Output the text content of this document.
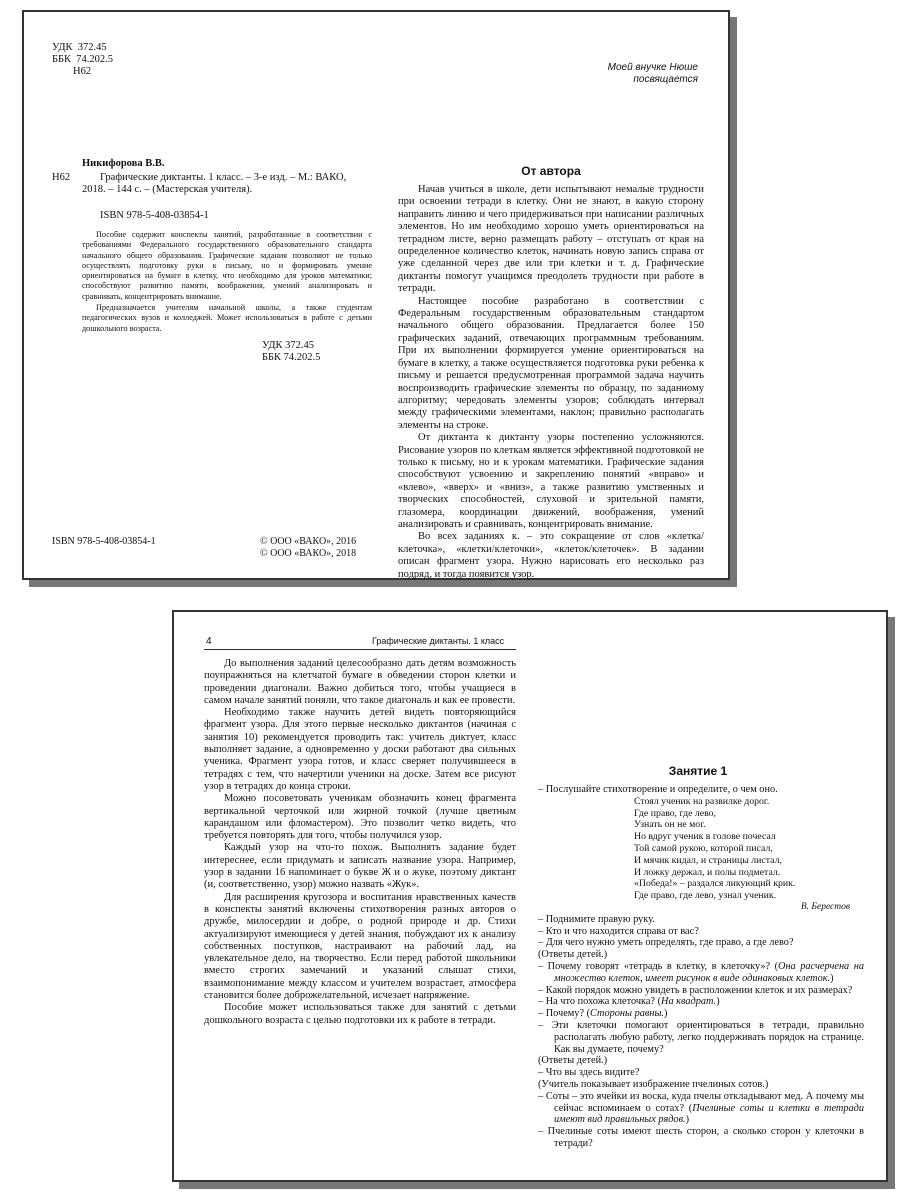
УДК  372.45
ББК  74.202.5
Н62	Моей внучке Нюше
посвящается
Никифорова В.В.
Н62	Графические диктанты. 1 класс. – 3-е изд. – М.: ВАКО, 2018. – 144 с. – (Мастерская учителя).
ISBN 978-5-408-03854-1

Пособие содержит конспекты занятий, разработанные в соответствии с требованиями Федерального государственного образовательного стандарта начального общего образования. Графические задания позволяют не только осуществлять подготовку руки к письму, но и формировать умение ориентироваться на бумаге в клетку, что необходимо для уроков математики; способствуют развитию памяти, воображения, умений анализировать и сравнивать, концентрировать внимание.

Предназначается учителям начальной школы, а также студентам педагогических вузов и колледжей. Может использоваться в работе с детьми дошкольного возраста.

УДК 372.45
ББК 74.202.5
ISBN 978-5-408-03854-1	© ООО «ВАКО», 2016
© ООО «ВАКО», 2018
От автора

Начав учиться в школе, дети испытывают немалые трудности при освоении тетради в клетку. Они не знают, в какую сторону направить линию и чего придерживаться при написании различных элементов. Но им необходимо хорошо уметь ориентироваться на тетрадном листе, верно размещать работу – отступать от края на определенное количество клеток, начинать новую запись справа от уже сделанной через две или три клетки и т. д. Графические диктанты помогут учащимся преодолеть трудности при работе в тетради.

Настоящее пособие разработано в соответствии с Федеральным государственным образовательным стандартом начального общего образования. Предлагается более 150 графических заданий, отвечающих программным требованиям. При их выполнении формируется умение ориентироваться на бумаге в клетку, а также осуществляется подготовка руки ребенка к письму и решается предусмотренная программой задача научить воспроизводить графические элементы по образцу, по заданному алгоритму; чередовать элементы узоров; соблюдать интервал между графическими элементами, наклон; правильно располагать элементы на строке.

От диктанта к диктанту узоры постепенно усложняются. Рисование узоров по клеткам является эффективной подготовкой не только к письму, но и к урокам математики. Графические задания способствуют усвоению и закреплению понятий «вправо» и «влево», «вверх» и «вниз», а также развитию умственных и творческих способностей, слуховой и зрительной памяти, глазомера, координации движений, воображения, умений анализировать и сравнивать, концентрировать внимание.

Во всех заданиях к. – это сокращение от слов «клетка/клеточка», «клетки/клеточки», «клеток/клеточек». В задании описан фрагмент узора. Нужно нарисовать его несколько раз подряд, и тогда появится узор.

4	Графические диктанты. 1 класс

До выполнения заданий целесообразно дать детям возможность поупражняться на клетчатой бумаге в обведении сторон клетки и проведении диагонали. Важно добиться того, чтобы учащиеся в самом начале занятий поняли, что такое диагональ и как ее провести.

Необходимо также научить детей видеть повторяющийся фрагмент узора. Для этого первые несколько диктантов (начиная с занятия 10) рекомендуется проводить так: учитель диктует, класс выполняет задание, а одновременно у доски работают два сильных ученика. Фрагмент узора готов, и класс сверяет получившееся в тетрадях с тем, что начертили ученики на доске. Затем все рисуют узор в тетрадях до конца строки.

Можно посоветовать ученикам обозначить конец фрагмента вертикальной черточкой или жирной точкой (лучше цветным карандашом или фломастером). Это позволит четко видеть, что требуется повторять для того, чтобы получился узор.

Каждый узор на что-то похож. Выполнять задание будет интереснее, если придумать и записать название узора. Например, узор в задании 16 напоминает о букве Ж и о жуке, поэтому диктант (и, соответственно, узор) можно назвать «Жук».

Для расширения кругозора и воспитания нравственных качеств в конспекты занятий включены стихотворения разных авторов о дружбе, милосердии и добре, о родной природе и др. Стихи актуализируют имеющиеся у детей знания, побуждают их к анализу собственных поступков, настраивают на рабочий лад, на увлекательное дело, на творчество. Если перед работой школьники вместо строгих замечаний и указаний слышат стихи, взаимопонимание между классом и учителем возрастает, атмосфера становится более доброжелательной, исчезает напряжение.

Пособие может использоваться также для занятий с детьми дошкольного возраста с целью подготовки их к работе в тетради.

Занятие 1
– Послушайте стихотворение и определите, о чем оно.
Стоял ученик на развилке дорог.
Где право, где лево,
Узнать он не мог.
Но вдруг ученик в голове почесал
Той самой рукою, которой писал,
И мячик кидал, и страницы листал,
И ложку держал, и полы подметал.
«Победа!» – раздался ликующий крик.
Где право, где лево, узнал ученик.
В. Берестов
– Поднимите правую руку.
– Кто и что находится справа от вас?
– Для чего нужно уметь определять, где право, а где лево?
(Ответы детей.)
– Почему говорят «тетрадь в клетку, в клеточку»? (Она расчерчена на множество клеток, имеет рисунок в виде одинаковых клеток.)
– Какой порядок можно увидеть в расположении клеток и их размерах?
– На что похожа клеточка? (На квадрат.)
– Почему? (Стороны равны.)
– Эти клеточки помогают ориентироваться в тетради, правильно располагать любую работу, легко поддерживать порядок на странице. Как вы думаете, почему?
(Ответы детей.)
– Что вы здесь видите?
(Учитель показывает изображение пчелиных сотов.)
– Соты – это ячейки из воска, куда пчелы откладывают мед. А почему мы сейчас вспоминаем о сотах? (Пчелиные соты и клетки в тетради имеют вид правильных рядов.)
– Пчелиные соты имеют шесть сторон, а сколько сторон у клеточки в тетради?
